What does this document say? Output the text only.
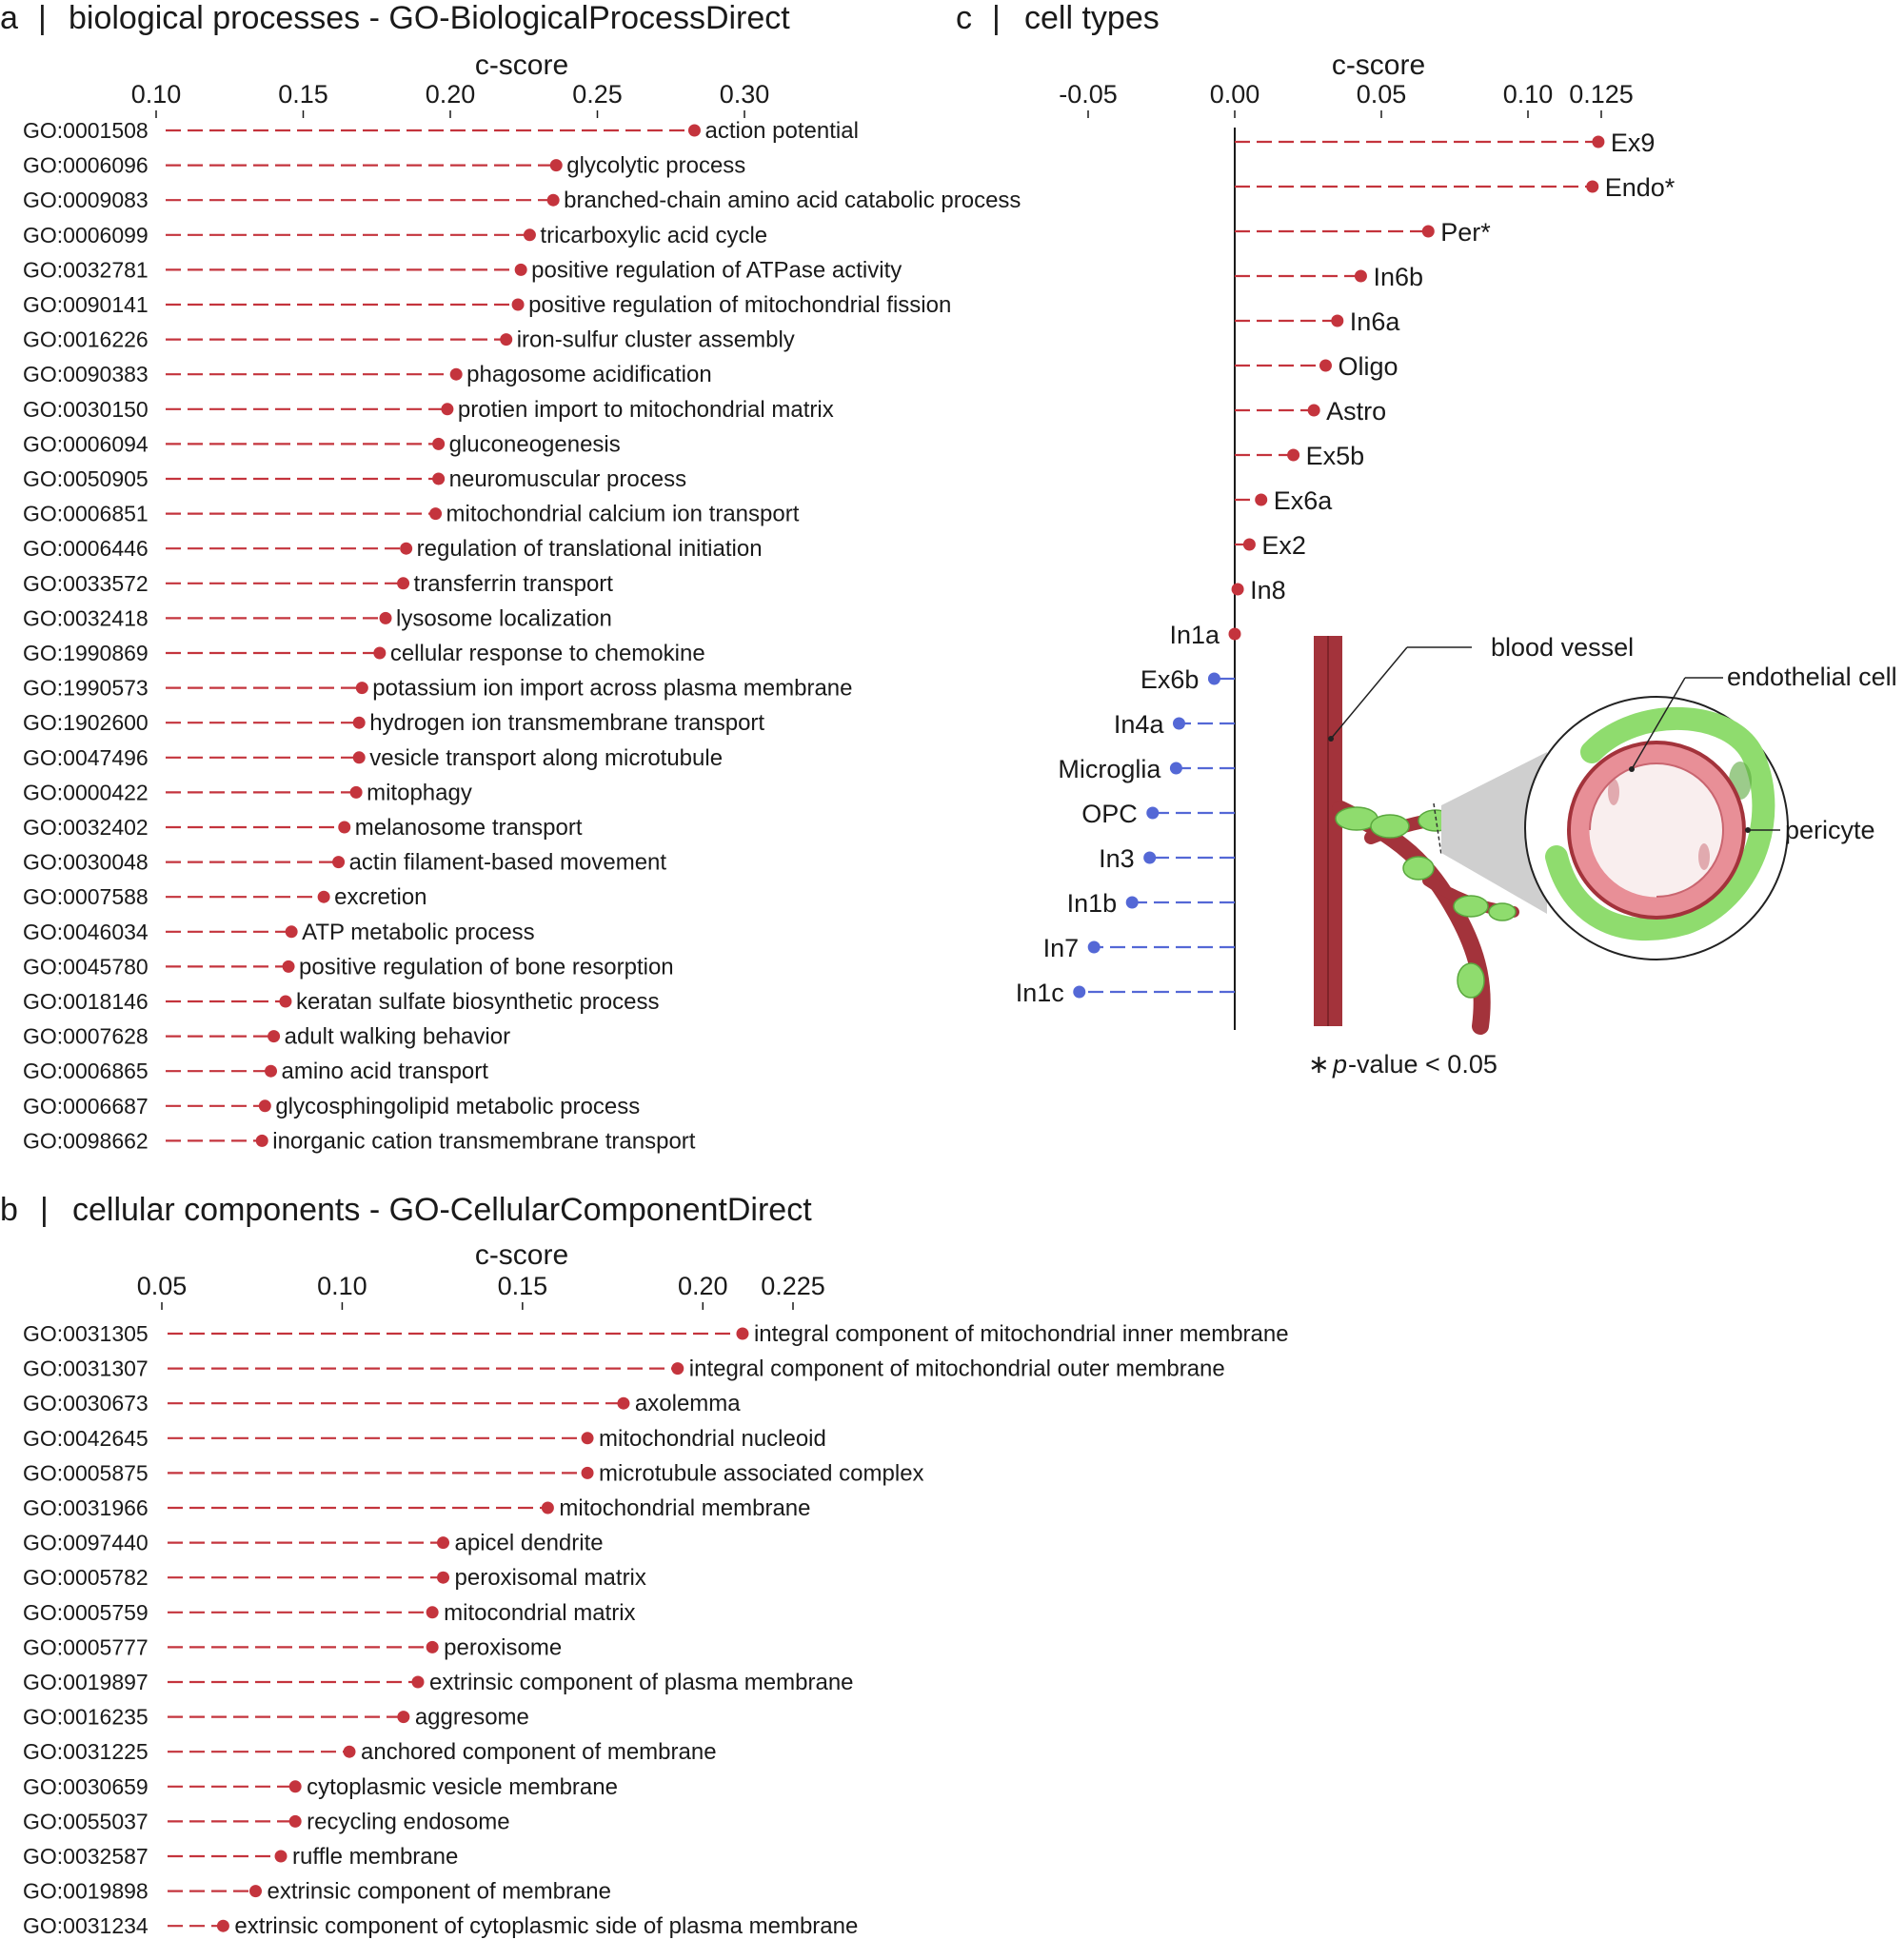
a | biological processes - GO-BiologicalProcessDirect
c-score
0.10	0.15	0.20	0.25	0.30
GO:0001508	action potential
GO:0006096	glycolytic process
GO:0009083	branched-chain amino acid catabolic process
GO:0006099	tricarboxylic acid cycle
GO:0032781	positive regulation of ATPase activity
GO:0090141	positive regulation of mitochondrial fission
GO:0016226	iron-sulfur cluster assembly
GO:0090383	phagosome acidification
GO:0030150	protien import to mitochondrial matrix
GO:0006094	gluconeogenesis
GO:0050905	neuromuscular process
GO:0006851	mitochondrial calcium ion transport
GO:0006446	regulation of translational initiation
GO:0033572	transferrin transport
GO:0032418	lysosome localization
GO:1990869	cellular response to chemokine
GO:1990573	potassium ion import across plasma membrane
GO:1902600	hydrogen ion transmembrane transport
GO:0047496	vesicle transport along microtubule
GO:0000422	mitophagy
GO:0032402	melanosome transport
GO:0030048	actin filament-based movement
GO:0007588	excretion
GO:0046034	ATP metabolic process
GO:0045780	positive regulation of bone resorption
GO:0018146	keratan sulfate biosynthetic process
GO:0007628	adult walking behavior
GO:0006865	amino acid transport
GO:0006687	glycosphingolipid metabolic process
GO:0098662	inorganic cation transmembrane transport
b | cellular components - GO-CellularComponentDirect
c-score
0.05	0.10	0.15	0.20 0.225
GO:0031305	integral component of mitochondrial inner membrane
GO:0031307	integral component of mitochondrial outer membrane
GO:0030673	axolemma
GO:0042645	mitochondrial nucleoid
GO:0005875	microtubule associated complex
GO:0031966	mitochondrial membrane
GO:0097440	apicel dendrite
GO:0005782	peroxisomal matrix
GO:0005759	mitocondrial matrix
GO:0005777	peroxisome
GO:0019897	extrinsic component of plasma membrane
GO:0016235	aggresome
GO:0031225	anchored component of membrane
GO:0030659	cytoplasmic vesicle membrane
GO:0055037	recycling endosome
GO:0032587	ruffle membrane
GO:0019898	extrinsic component of membrane
GO:0031234	extrinsic component of cytoplasmic side of plasma membrane
c | cell types
c-score
-0.05	0.00	0.05	0.10 0.125
Ex9
Endo*
Per*
In6b
In6a
Oligo
Astro
Ex5b
Ex6a
Ex2
In8
In1a
Ex6b
In4a
Microglia
OPC
In3
In1b
In7
In1c
blood vessel
endothelial cell
pericyte
∗ p -value < 0.05
